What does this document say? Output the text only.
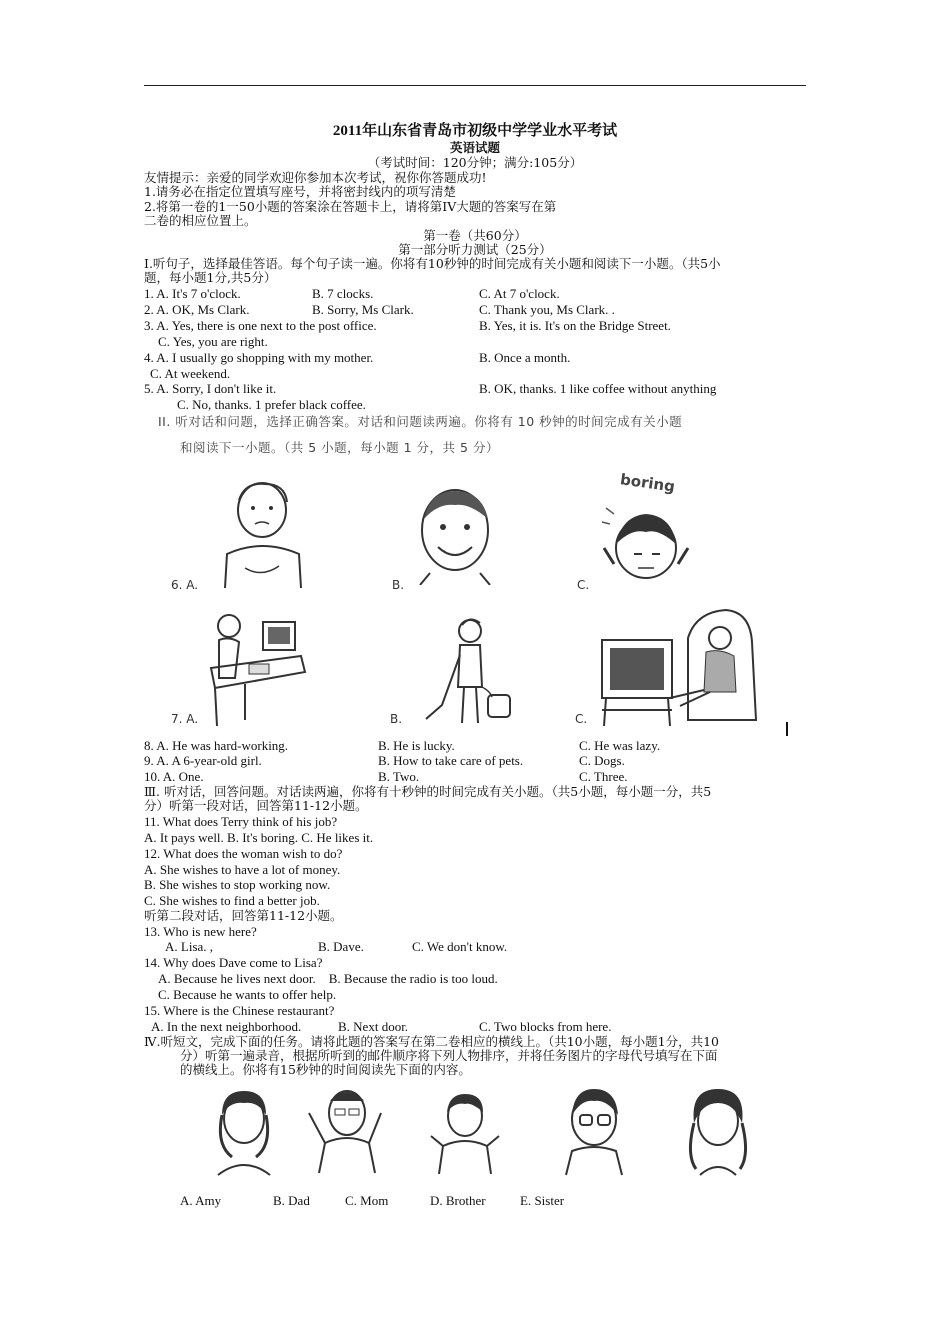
2011年山东省青岛市初级中学学业水平考试
英语试题
（考试时间：120分钟；满分:105分）
友情提示：亲爱的同学欢迎你参加本次考试，祝你你答题成功!
1.请务必在指定位置填写座号，并将密封线内的项写清楚
2.将第一卷的1一50小题的答案涂在答题卡上，请将第IV大题的答案写在第
二卷的相应位置上。
第一卷（共60分）
第一部分听力测试（25分）
Ⅰ.听句子，选择最佳答语。每个句子读一遍。你将有10秒钟的时间完成有关小题和阅读下一小题。（共5小
题，每小题1分,共5分）
1. A. It's 7 o'clock.	B. 7 clocks.	C. At 7 o'clock.
2. A. OK, Ms Clark.	B. Sorry, Ms Clark.	C. Thank you, Ms Clark. .
3. A. Yes, there is one next to the post office.	B. Yes, it is. It's on the Bridge Street.
C. Yes, you are right.
4. A. I usually go shopping with my mother.	B. Once a month.
C. At weekend.
5. A. Sorry, I don't like it.	B. OK, thanks. 1 like coffee without anything
C. No, thanks. 1 prefer black coffee.
II. 听对话和问题，选择正确答案。对话和问题读两遍。你将有 10 秒钟的时间完成有关小题
和阅读下一小题。（共 5 小题，每小题 1 分，共 5 分）
boring
6. A.	B.	C.
7. A.	B.	C.
8. A. He was hard-working.	B. He is lucky.	C. He was lazy.
9. A. A 6-year-old girl.	B. How to take care of pets.	C. Dogs.
10. A. One.	B. Two.	C. Three.
Ⅲ. 听对话，回答问题。对话读两遍，你将有十秒钟的时间完成有关小题。（共5小题，每小题一分，共5
分）听第一段对话，回答第11-12小题。
11. What does Terry think of his job?
A. It pays well. B. It's boring. C. He likes it.
12. What does the woman wish to do?
A. She wishes to have a lot of money.
B. She wishes to stop working now.
C. She wishes to find a better job.
听第二段对话，回答第11-12小题。
13. Who is new here?
A. Lisa. ,	B. Dave.	C. We don't know.
14. Why does Dave come to Lisa?
A. Because he lives next door.    B. Because the radio is too loud.
C. Because he wants to offer help.
15. Where is the Chinese restaurant?
A. In the next neighborhood.	B. Next door.	C. Two blocks from here.
Ⅳ.听短文，完成下面的任务。请将此题的答案写在第二卷相应的横线上。（共10小题，每小题1分，共10
分）听第一遍录音，根据所听到的邮件顺序将下列人物排序，并将任务图片的字母代号填写在下面
的横线上。你将有15秒钟的时间阅读先下面的内容。
A. Amy	B. Dad	C. Mom	D. Brother	E. Sister
